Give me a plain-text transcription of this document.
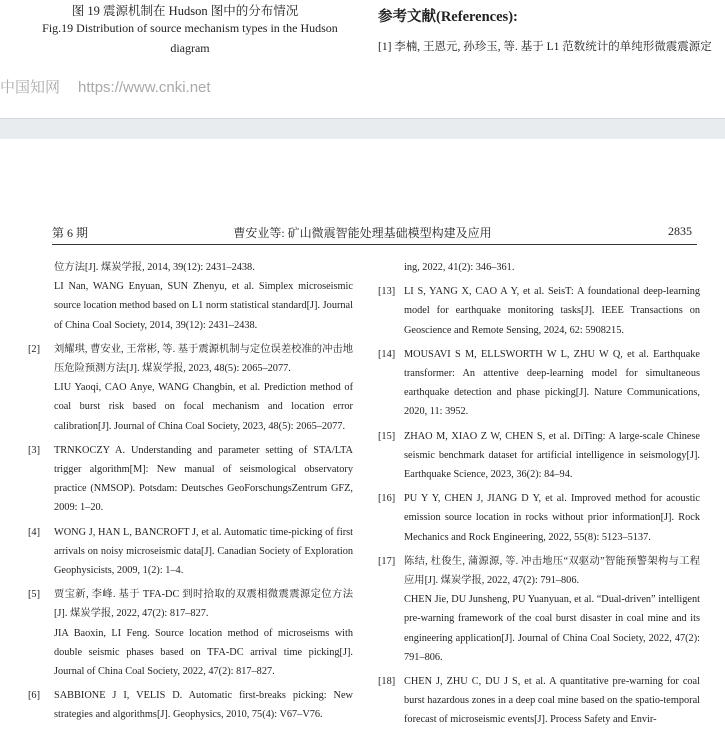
图 19 震源机制在 Hudson 图中的分布情况
Fig.19 Distribution of source mechanism types in the Hudson
diagram
参考文献(References):
[1] 李楠, 王恩元, 孙珍玉, 等. 基于 L1 范数统计的单纯形微震震源定
中国知网 https://www.cnki.net
第 6 期	曹安业等: 矿山微震智能处理基础模型构建及应用	2835
位方法[J]. 煤炭学报, 2014, 39(12): 2431–2438.
LI Nan, WANG Enyuan, SUN Zhenyu, et al. Simplex microseismic source location method based on L1 norm statistical standard[J]. Journal of China Coal Society, 2014, 39(12): 2431–2438.
[2]	刘耀琪, 曹安业, 王常彬, 等. 基于震源机制与定位误差校准的冲击地压危险预测方法[J]. 煤炭学报, 2023, 48(5): 2065–2077.
LIU Yaoqi, CAO Anye, WANG Changbin, et al. Prediction method of coal burst risk based on focal mechanism and location error calibration[J]. Journal of China Coal Society, 2023, 48(5): 2065–2077.
[3]	TRNKOCZY A. Understanding and parameter setting of STA/LTA trigger algorithm[M]: New manual of seismological observatory practice (NMSOP). Potsdam: Deutsches GeoForschungsZentrum GFZ, 2009: 1–20.
[4]	WONG J, HAN L, BANCROFT J, et al. Automatic time-picking of first arrivals on noisy microseismic data[J]. Canadian Society of Exploration Geophysicists, 2009, 1(2): 1–4.
[5]	贾宝新, 李峰. 基于 TFA-DC 到时拾取的双震相微震震源定位方法[J]. 煤炭学报, 2022, 47(2): 817–827.
JIA Baoxin, LI Feng. Source location method of microseisms with double seismic phases based on TFA-DC arrival time picking[J]. Journal of China Coal Society, 2022, 47(2): 817–827.
[6]	SABBIONE J I, VELIS D. Automatic first-breaks picking: New strategies and algorithms[J]. Geophysics, 2010, 75(4): V67–V76.
ing, 2022, 41(2): 346–361.
[13] LI S, YANG X, CAO A Y, et al. SeisT: A foundational deep-learning model for earthquake monitoring tasks[J]. IEEE Transactions on Geoscience and Remote Sensing, 2024, 62: 5908215.
[14] MOUSAVI S M, ELLSWORTH W L, ZHU W Q, et al. Earthquake transformer: An attentive deep-learning model for simultaneous earthquake detection and phase picking[J]. Nature Communications, 2020, 11: 3952.
[15] ZHAO M, XIAO Z W, CHEN S, et al. DiTing: A large-scale Chinese seismic benchmark dataset for artificial intelligence in seismology[J]. Earthquake Science, 2023, 36(2): 84–94.
[16] PU Y Y, CHEN J, JIANG D Y, et al. Improved method for acoustic emission source location in rocks without prior information[J]. Rock Mechanics and Rock Engineering, 2022, 55(8): 5123–5137.
[17] 陈结, 杜俊生, 蒲源源, 等. 冲击地压“双驱动”智能预警架构与工程应用[J]. 煤炭学报, 2022, 47(2): 791–806.
CHEN Jie, DU Junsheng, PU Yuanyuan, et al. “Dual-driven” intelligent pre-warning framework of the coal burst disaster in coal mine and its engineering application[J]. Journal of China Coal Society, 2022, 47(2): 791–806.
[18] CHEN J, ZHU C, DU J S, et al. A quantitative pre-warning for coal burst hazardous zones in a deep coal mine based on the spatio-temporal forecast of microseismic events[J]. Process Safety and Envir-
